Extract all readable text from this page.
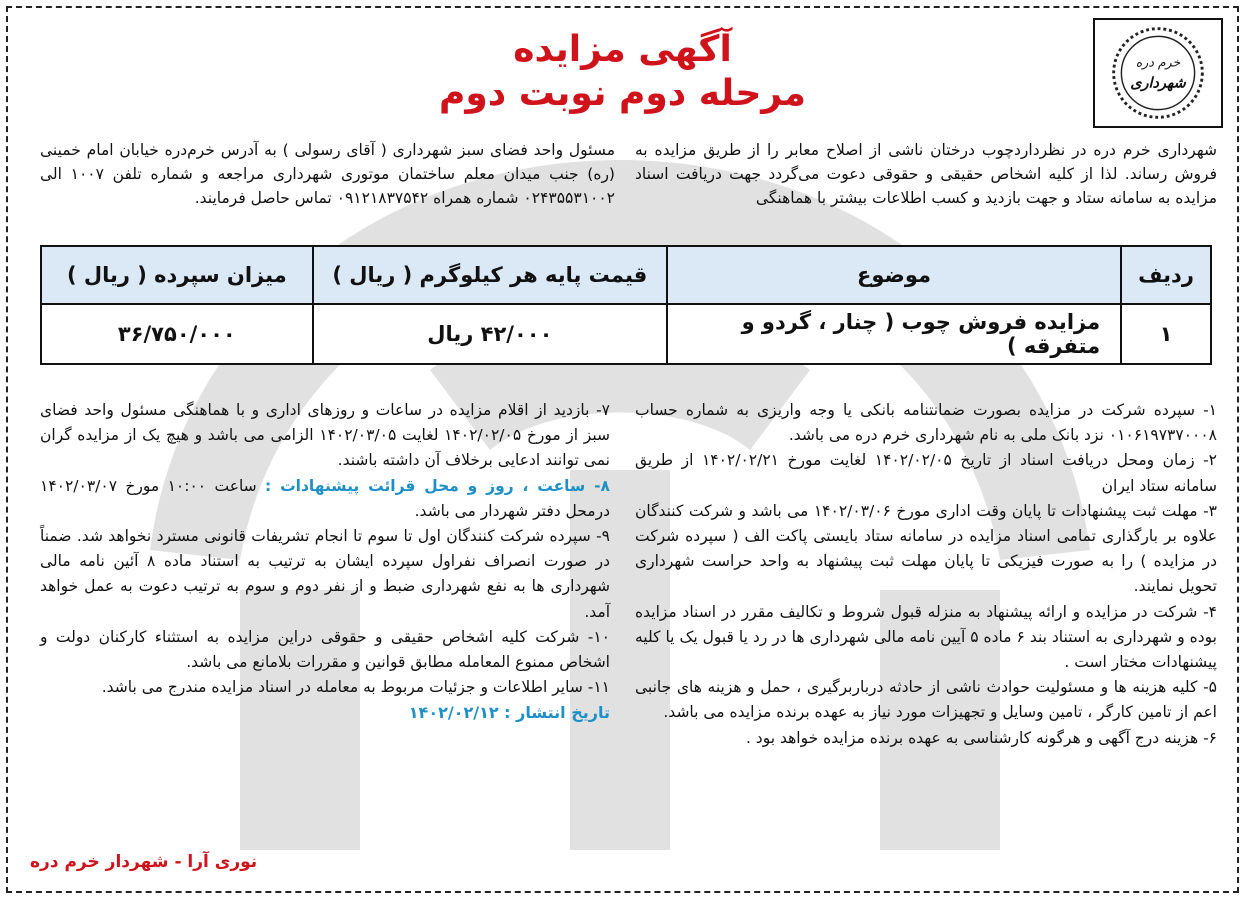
خرم دره
شهرداری
آگهی مزایده
مرحله دوم نوبت دوم
شهرداری خرم دره در نظرداردچوب درختان ناشی از اصلاح معابر را از طریق مزایده به فروش رساند. لذا از کلیه اشخاص حقیقی و حقوقی دعوت می‌گردد جهت دریافت اسناد مزایده به سامانه ستاد و جهت بازدید و کسب اطلاعات بیشتر با هماهنگی
مسئول واحد فضای سبز شهرداری ( آقای رسولی ) به آدرس خرم‌دره خیابان امام خمینی (ره) جنب میدان معلم ساختمان موتوری شهرداری مراجعه و شماره تلفن ۱۰۰۷ الی ۰۲۴۳۵۵۳۱۰۰۲ شماره همراه ۰۹۱۲۱۸۳۷۵۴۲ تماس حاصل فرمایند.
ردیف	موضوع	قیمت پایه هر کیلوگرم ( ریال )	میزان سپرده ( ریال )
۱	مزایده فروش چوب ( چنار ، گردو و متفرقه )	۴۲/۰۰۰ ریال	۳۶/۷۵۰/۰۰۰

۱- سپرده شرکت در مزایده بصورت ضمانتنامه بانکی یا وجه واریزی به شماره حساب ۰۱۰۶۱۹۷۳۷۰۰۰۸ نزد بانک ملی به نام شهرداری خرم دره می باشد.

۲- زمان ومحل دریافت اسناد از تاریخ ۱۴۰۲/۰۲/۰۵ لغایت مورخ ۱۴۰۲/۰۲/۲۱ از طریق سامانه ستاد ایران

۳- مهلت ثبت پیشنهادات تا پایان وقت اداری مورخ ۱۴۰۲/۰۳/۰۶ می باشد و شرکت کنندگان علاوه بر بارگذاری تمامی اسناد مزایده در سامانه ستاد بایستی پاکت الف ( سپرده شرکت در مزایده ) را به صورت فیزیکی تا پایان مهلت ثبت پیشنهاد به واحد حراست شهرداری تحویل نمایند.

۴- شرکت در مزایده و ارائه پیشنهاد به منزله قبول شروط و تکالیف مقرر در اسناد مزایده بوده و شهرداری به استناد بند ۶ ماده ۵ آیین نامه مالی شهرداری ها در رد یا قبول یک یا کلیه پیشنهادات مختار است .

۵- کلیه هزینه ها و مسئولیت حوادث ناشی از حادثه درباربرگیری ، حمل و هزینه های جانبی اعم از تامین کارگر ، تامین وسایل و تجهیزات مورد نیاز به عهده برنده مزایده می باشد.

۶- هزینه درج آگهی و هرگونه کارشناسی به عهده برنده مزایده خواهد بود .

۷- بازدید از اقلام مزایده در ساعات و روزهای اداری و با هماهنگی مسئول واحد فضای سبز از مورخ ۱۴۰۲/۰۲/۰۵ لغایت ۱۴۰۲/۰۳/۰۵ الزامی می باشد و هیچ یک از مزایده گران نمی توانند ادعایی برخلاف آن داشته باشند.

۸- ساعت ، روز و محل قرائت پیشنهادات : ساعت ۱۰:۰۰ مورخ ۱۴۰۲/۰۳/۰۷ درمحل دفتر شهردار می باشد.

۹- سپرده شرکت کنندگان اول تا سوم تا انجام تشریفات قانونی مسترد نخواهد شد. ضمناً در صورت انصراف نفراول سپرده ایشان به ترتیب به استناد ماده ۸ آئین نامه مالی شهرداری ها به نفع شهرداری ضبط و از نفر دوم و سوم به ترتیب دعوت به عمل خواهد آمد.

۱۰- شرکت کلیه اشخاص حقیقی و حقوقی دراین مزایده به استثناء کارکنان دولت و اشخاص ممنوع المعامله مطابق قوانین و مقررات بلامانع می باشد.

۱۱- سایر اطلاعات و جزئیات مربوط به معامله در اسناد مزایده مندرج می باشد.

تاریخ انتشار : ۱۴۰۲/۰۲/۱۲
نوری آرا - شهردار خرم دره
